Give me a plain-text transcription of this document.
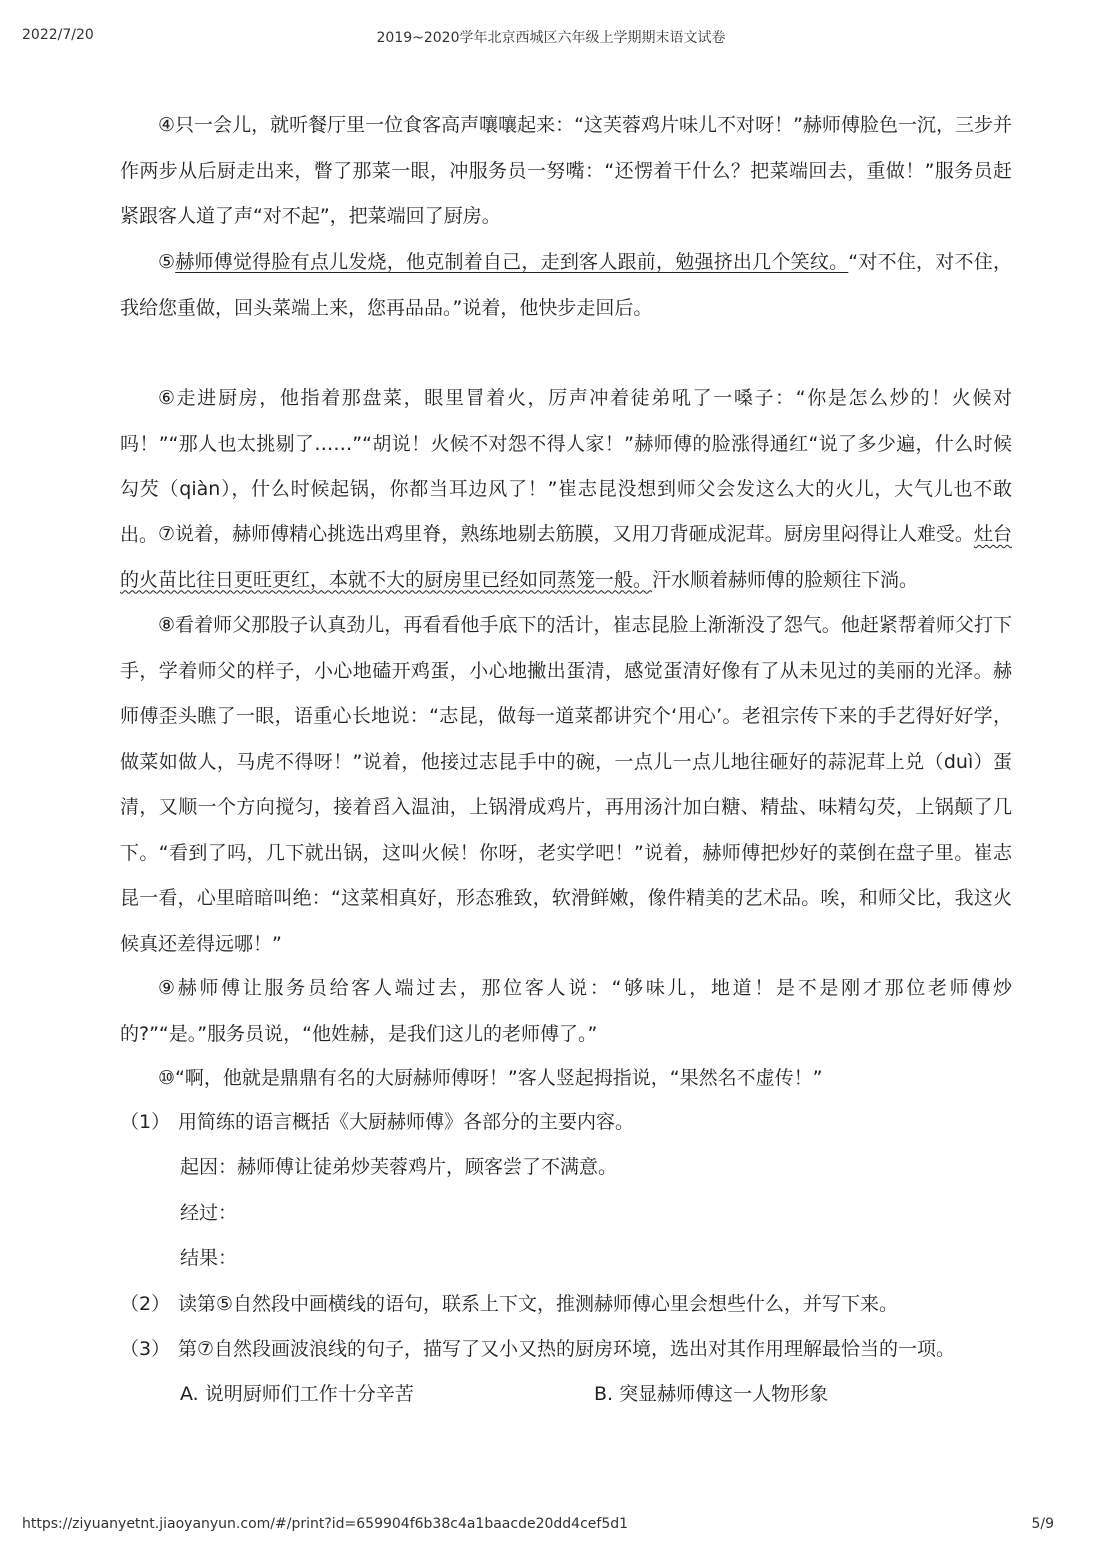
2022/7/20	2019~2020学年北京西城区六年级上学期期末语文试卷

④只一会儿，就听餐厅里一位食客高声嚷嚷起来：“这芙蓉鸡片味儿不对呀！”赫师傅脸色一沉，三步并作两步从后厨走出来，瞥了那菜一眼，冲服务员一努嘴：“还愣着干什么？把菜端回去，重做！”服务员赶紧跟客人道了声“对不起”，把菜端回了厨房。

⑤赫师傅觉得脸有点儿发烧，他克制着自己，走到客人跟前，勉强挤出几个笑纹。“对不住，对不住，我给您重做，回头菜端上来，您再品品。”说着，他快步走回后。

⑥走进厨房，他指着那盘菜，眼里冒着火，厉声冲着徒弟吼了一嗓子：“你是怎么炒的！火候对吗！”“那人也太挑剔了……”“胡说！火候不对怨不得人家！”赫师傅的脸涨得通红“说了多少遍，什么时候勾芡（qiàn），什么时候起锅，你都当耳边风了！”崔志昆没想到师父会发这么大的火儿，大气儿也不敢出。 ⑦说着，赫师傅精心挑选出鸡里脊，熟练地剔去筋膜，又用刀背砸成泥茸。厨房里闷得让人难受。灶台的火苗比往日更旺更红，本就不大的厨房里已经如同蒸笼一般。汗水顺着赫师傅的脸颊往下淌。

⑧看着师父那股子认真劲儿，再看看他手底下的活计，崔志昆脸上渐渐没了怨气。他赶紧帮着师父打下手，学着师父的样子，小心地磕开鸡蛋，小心地撇出蛋清，感觉蛋清好像有了从未见过的美丽的光泽。赫师傅歪头瞧了一眼，语重心长地说：“志昆，做每一道菜都讲究个‘用心’。老祖宗传下来的手艺得好好学，做菜如做人，马虎不得呀！”说着，他接过志昆手中的碗，一点儿一点儿地往砸好的蒜泥茸上兑（duì）蛋清，又顺一个方向搅匀，接着舀入温油，上锅滑成鸡片，再用汤汁加白糖、精盐、味精勾芡，上锅颠了几下。“看到了吗，几下就出锅，这叫火候！你呀，老实学吧！”说着，赫师傅把炒好的菜倒在盘子里。崔志昆一看，心里暗暗叫绝：“这菜相真好，形态雅致，软滑鲜嫩，像件精美的艺术品。唉，和师父比，我这火候真还差得远哪！”

⑨赫师傅让服务员给客人端过去，那位客人说：“够味儿，地道！是不是刚才那位老师傅炒的?”“是。”服务员说，“他姓赫，是我们这儿的老师傅了。”

⑩“啊，他就是鼎鼎有名的大厨赫师傅呀！”客人竖起拇指说，“果然名不虚传！”

（1） 用简练的语言概括《大厨赫师傅》各部分的主要内容。
起因：赫师傅让徒弟炒芙蓉鸡片，顾客尝了不满意。
经过：
结果：
（2） 读第⑤自然段中画横线的语句，联系上下文，推测赫师傅心里会想些什么，并写下来。
（3） 第⑦自然段画波浪线的句子，描写了又小又热的厨房环境，选出对其作用理解最恰当的一项。
A. 说明厨师们工作十分辛苦	B. 突显赫师傅这一人物形象
https://ziyuanyetnt.jiaoyanyun.com/#/print?id=659904f6b38c4a1baacde20dd4cef5d1	5/9
